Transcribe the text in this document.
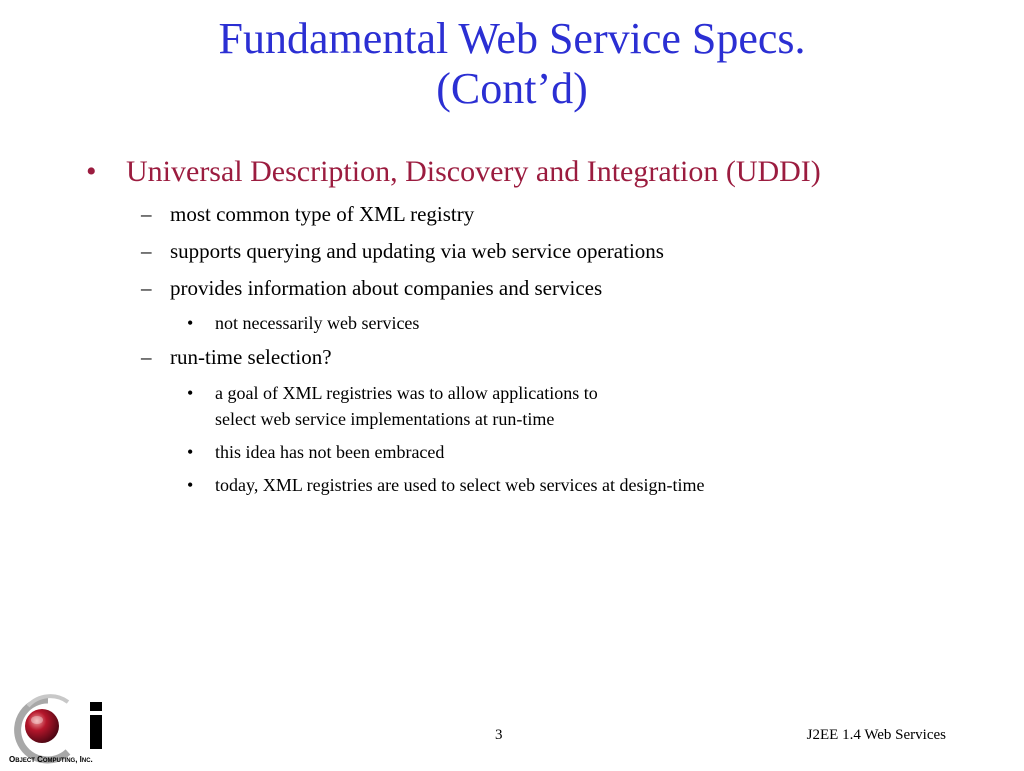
Fundamental Web Service Specs.
(Cont’d)
• Universal Description, Discovery and Integration (UDDI)
– most common type of XML registry
– supports querying and updating via web service operations
– provides information about companies and services
• not necessarily web services
– run-time selection?
• a goal of XML registries was to allow applications to
select web service implementations at run-time
• this idea has not been embraced
• today, XML registries are used to select web services at design-time
Object Computing, Inc.
3	J2EE 1.4 Web Services
